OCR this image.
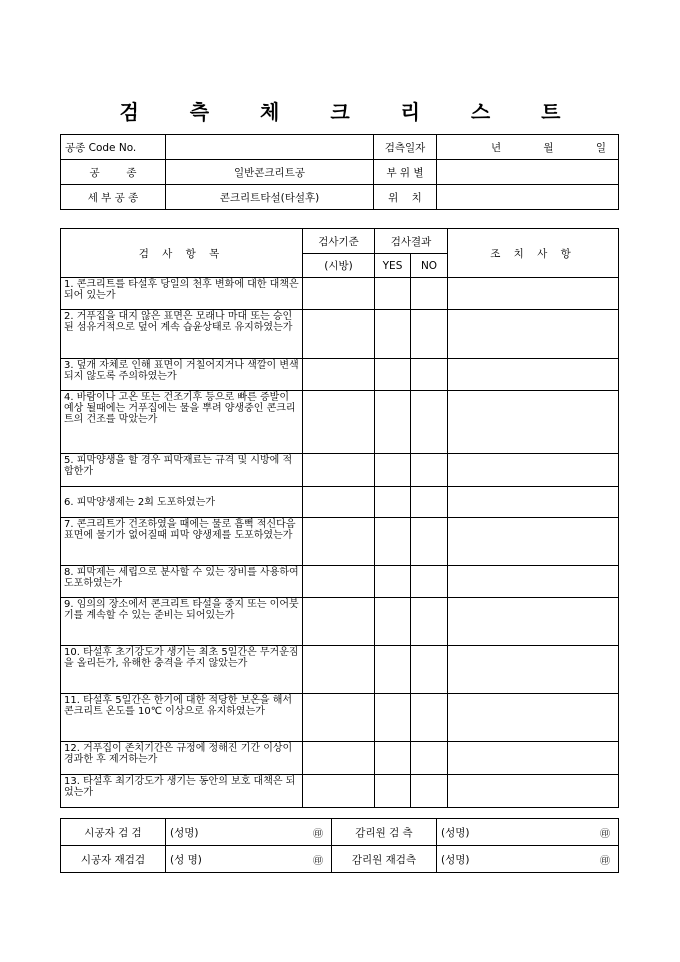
검 측 체 크 리 스 트
공종 Code No.		검측일자	년 월 일

공        종	일반콘크리트공	부 위 별	
세 부 공 종	콘크리트타설(타설후)	위    치	
검 사 항 목	검사기준	검사결과		조 치 사 항
	(시방)	YES	NO	
1. 콘크리트를 타설후 당일의 천후 변화에 대한 대책은 되어 있는가				
2. 거푸집을 대지 않은 표면은 모래나 마대 또는 승인된 섬유거적으로 덮어 계속 습윤상태로 유지하였는가				
3. 덮개 자체로 인해 표면이 거칠어지거나 색깔이 변색되지 않도록 주의하였는가				
4. 바람이나 고온 또는 건조기후 등으로 빠른 증발이 예상 될때에는 거푸집에는 물을 뿌려 양생중인 콘크리트의 건조를 막았는가				
5. 피막양생을 할 경우 피막재료는 규격 및 시방에 적합한가				
6. 피막양생제는 2회 도포하였는가				
7. 콘크리트가 건조하였을 때에는 물로 흠뻑 적신다음 표면에 물기가 없어질때 피막 양생제를 도포하였는가				
8. 피막제는 세립으로 분사할 수 있는 장비를 사용하여 도포하였는가				
9. 임의의 장소에서 콘크리트 타설을 중지 또는 이어붓기를 계속할 수 있는 준비는 되어있는가				
10. 타설후 초기강도가 생기는 최초 5일간은 무거운짐을 올리든가, 유해한 충격을 주지 않았는가				
11. 타설후 5일간은 한기에 대한 적당한 보온을 해서 콘크리트 온도를 10℃ 이상으로 유지하였는가				
12. 거푸집이 존치기간은 규정에 정해진 기간 이상이 경과한 후 제거하는가				
13. 타설후 최기강도가 생기는 동안의 보호 대책은 되었는가				
시공자 검 검	(성명) ㊞	감리원 검 측	(성명) ㊞

시공자 재검검	(성 명) ㊞	감리원 재검측	(성명) ㊞
